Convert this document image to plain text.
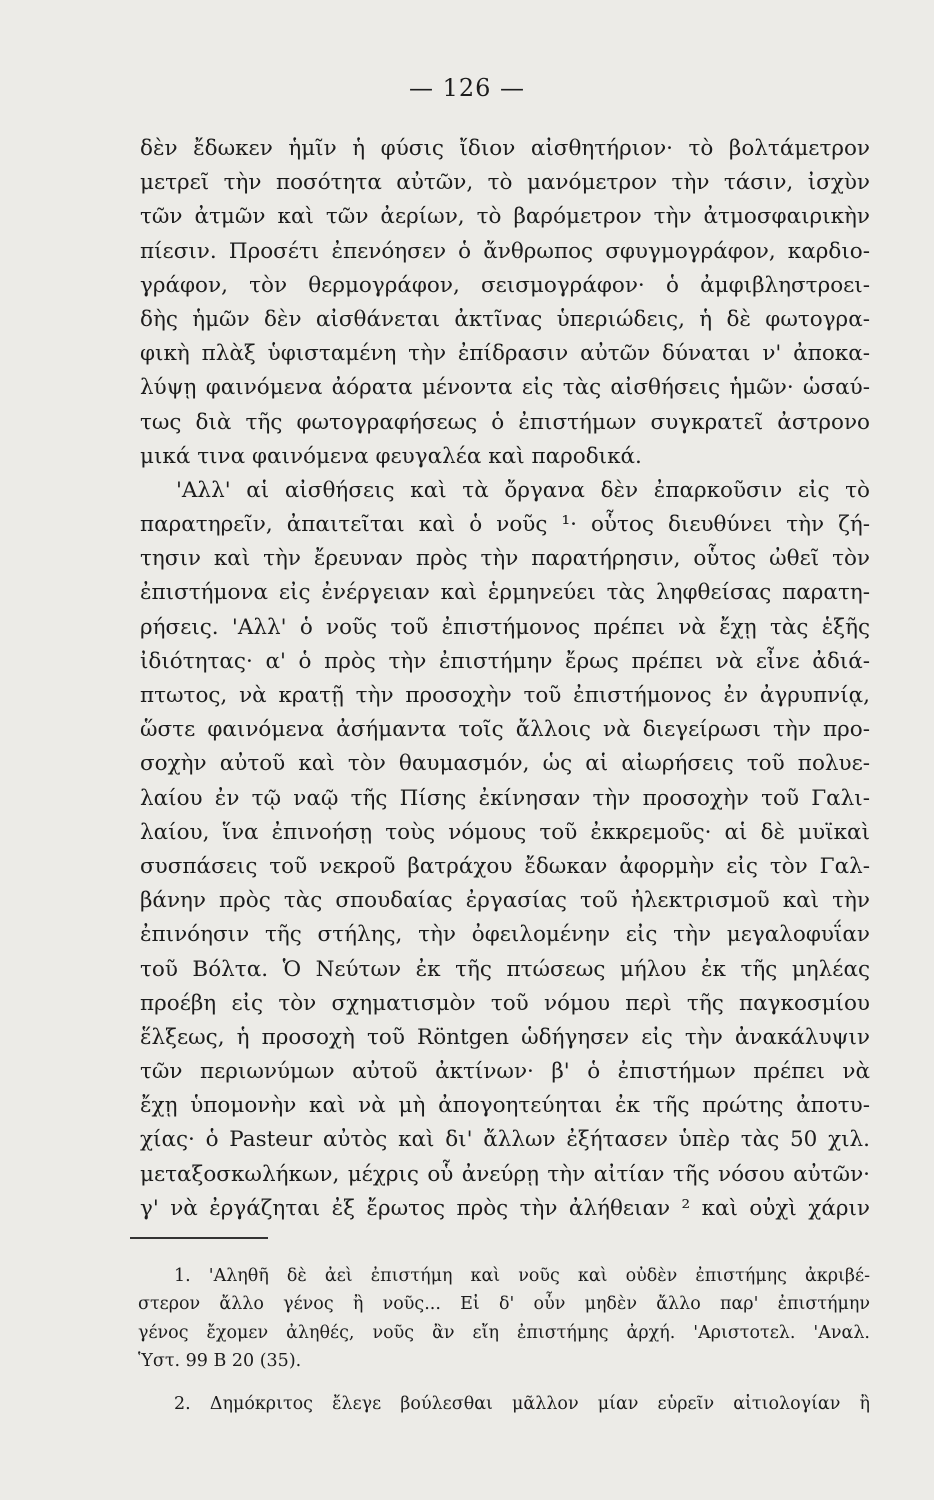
— 126 —
δὲν ἔδωκεν ἡμῖν ἡ φύσις ἴδιον αἰσθητήριον· τὸ βολτάμετρον
μετρεῖ τὴν ποσότητα αὐτῶν, τὸ μανόμετρον τὴν τάσιν, ἰσχὺν
τῶν ἀτμῶν καὶ τῶν ἀερίων, τὸ βαρόμετρον τὴν ἀτμοσφαιρικὴν
πίεσιν. Προσέτι ἐπενόησεν ὁ ἄνθρωπος σφυγμογράφον, καρδιο-
γράφον, τὸν θερμογράφον, σεισμογράφον· ὁ ἀμφιβληστροει-
δὴς ἡμῶν δὲν αἰσθάνεται ἀκτῖνας ὑπεριώδεις, ἡ δὲ φωτογρα-
φικὴ πλὰξ ὑφισταμένη τὴν ἐπίδρασιν αὐτῶν δύναται ν' ἀποκα-
λύψῃ φαινόμενα ἀόρατα μένοντα εἰς τὰς αἰσθήσεις ἡμῶν· ὡσαύ-
τως διὰ τῆς φωτογραφήσεως ὁ ἐπιστήμων συγκρατεῖ ἀστρονο
μικά τινα φαινόμενα φευγαλέα καὶ παροδικά.
'Αλλ' αἱ αἰσθήσεις καὶ τὰ ὄργανα δὲν ἐπαρκοῦσιν εἰς τὸ
παρατηρεῖν, ἀπαιτεῖται καὶ ὁ νοῦς ¹· οὗτος διευθύνει τὴν ζή-
τησιν καὶ τὴν ἔρευναν πρὸς τὴν παρατήρησιν, οὗτος ὠθεῖ τὸν
ἐπιστήμονα εἰς ἐνέργειαν καὶ ἑρμηνεύει τὰς ληφθείσας παρατη-
ρήσεις. 'Αλλ' ὁ νοῦς τοῦ ἐπιστήμονος πρέπει νὰ ἔχῃ τὰς ἑξῆς
ἰδιότητας· α' ὁ πρὸς τὴν ἐπιστήμην ἔρως πρέπει νὰ εἶνε ἀδιά-
πτωτος, νὰ κρατῇ τὴν προσοχὴν τοῦ ἐπιστήμονος ἐν ἀγρυπνίᾳ,
ὥστε φαινόμενα ἀσήμαντα τοῖς ἄλλοις νὰ διεγείρωσι τὴν προ-
σοχὴν αὐτοῦ καὶ τὸν θαυμασμόν, ὡς αἱ αἰωρήσεις τοῦ πολυε-
λαίου ἐν τῷ ναῷ τῆς Πίσης ἐκίνησαν τὴν προσοχὴν τοῦ Γαλι-
λαίου, ἵνα ἐπινοήσῃ τοὺς νόμους τοῦ ἐκκρεμοῦς· αἱ δὲ μυϊκαὶ
συσπάσεις τοῦ νεκροῦ βατράχου ἔδωκαν ἀφορμὴν εἰς τὸν Γαλ-
βάνην πρὸς τὰς σπουδαίας ἐργασίας τοῦ ἠλεκτρισμοῦ καὶ τὴν
ἐπινόησιν τῆς στήλης, τὴν ὀφειλομένην εἰς τὴν μεγαλοφυΐαν
τοῦ Βόλτα. Ὁ Νεύτων ἐκ τῆς πτώσεως μήλου ἐκ τῆς μηλέας
προέβη εἰς τὸν σχηματισμὸν τοῦ νόμου περὶ τῆς παγκοσμίου
ἕλξεως, ἡ προσοχὴ τοῦ Röntgen ὡδήγησεν εἰς τὴν ἀνακάλυψιν
τῶν περιωνύμων αὐτοῦ ἀκτίνων· β' ὁ ἐπιστήμων πρέπει νὰ
ἔχῃ ὑπομονὴν καὶ νὰ μὴ ἀπογοητεύηται ἐκ τῆς πρώτης ἀποτυ-
χίας· ὁ Pasteur αὐτὸς καὶ δι' ἄλλων ἐξήτασεν ὑπὲρ τὰς 50 χιλ.
μεταξοσκωλήκων, μέχρις οὗ ἀνεύρῃ τὴν αἰτίαν τῆς νόσου αὐτῶν·
γ' νὰ ἐργάζηται ἐξ ἔρωτος πρὸς τὴν ἀλήθειαν ² καὶ οὐχὶ χάριν
1. 'Αληθῆ δὲ ἀεὶ ἐπιστήμη καὶ νοῦς καὶ οὐδὲν ἐπιστήμης ἀκριβέ-
στερον ἄλλο γένος ἢ νοῦς... Εἰ δ' οὖν μηδὲν ἄλλο παρ' ἐπιστήμην
γένος ἔχομεν ἀληθές, νοῦς ἂν εἴη ἐπιστήμης ἀρχή. 'Αριστοτελ. 'Αναλ.
Ὑστ. 99 Β 20 (35).
2. Δημόκριτος ἔλεγε βούλεσθαι μᾶλλον μίαν εὑρεῖν αἰτιολογίαν ἢ
